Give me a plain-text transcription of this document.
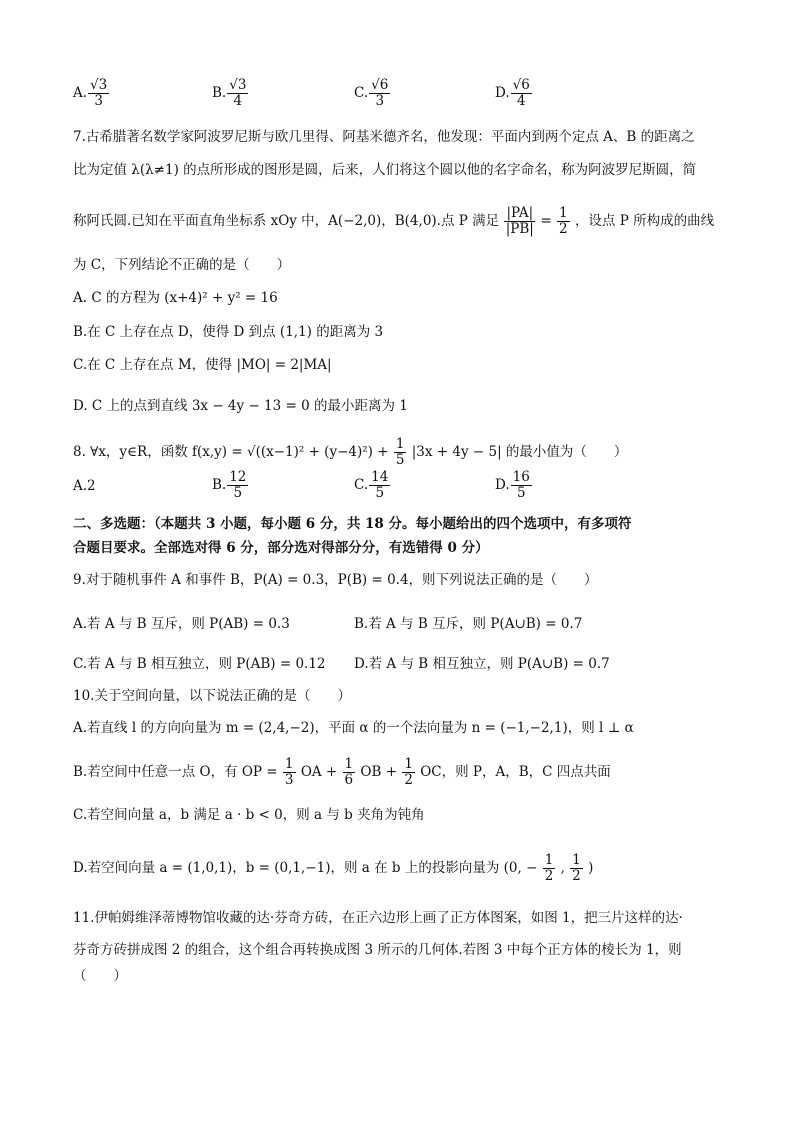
A. $\frac{√3}{3}$	B. $\frac{√3}{4}$	C. $\frac{√6}{3}$	D. $\frac{√6}{4}$
7.古希腊著名数学家阿波罗尼斯与欧几里得、阿基米德齐名，他发现：平面内到两个定点 A、B 的距离之
比为定值 λ(λ≠1) 的点所形成的图形是圆，后来，人们将这个圆以他的名字命名，称为阿波罗尼斯圆，简
称阿氏圆.已知在平面直角坐标系 xOy 中，A(−2,0)，B(4,0).点 P 满足 $\frac{|PA|}{|PB|} = \frac{1}{2}$ ，设点 P 所构成的曲线
为 C，下列结论不正确的是（　　）
A. C 的方程为 (x+4)² + y² = 16
B.在 C 上存在点 D，使得 D 到点 (1,1) 的距离为 3
C.在 C 上存在点 M，使得 |MO| = 2|MA|
D. C 上的点到直线 3x − 4y − 13 = 0 的最小距离为 1
8. ∀x，y∈R，函数 $f(x,y) = √((x-1)^2 + (y-4)^2) + \frac{1}{5} |3x + 4y - 5|$ 的最小值为（　　）
A.2	B. $\frac{12}{5}$	C. $\frac{14}{5}$	D. $\frac{16}{5}$
二、多选题：（本题共 3 小题，每小题 6 分，共 18 分。每小题给出的四个选项中，有多项符
合题目要求。全部选对得 6 分，部分选对得部分分，有选错得 0 分）
9.对于随机事件 A 和事件 B，P(A) = 0.3，P(B) = 0.4，则下列说法正确的是（　　）
A.若 A 与 B 互斥，则 P(AB) = 0.3	B.若 A 与 B 互斥，则 P(A∪B) = 0.7
C.若 A 与 B 相互独立，则 P(AB) = 0.12 D.若 A 与 B 相互独立，则 P(A∪B) = 0.7
10.关于空间向量，以下说法正确的是（　　）
A.若直线 l 的方向向量为 m = (2,4,−2)，平面 α 的一个法向量为 n = (−1,−2,1)，则 l ⊥ α
B.若空间中任意一点 O，有 OP = $\frac{1}{3}$ OA + $\frac{1}{6}$ OB + $\frac{1}{2}$ OC，则 P，A，B，C 四点共面
C.若空间向量 a，b 满足 a · b < 0，则 a 与 b 夹角为钝角
D.若空间向量 a = (1,0,1)，b = (0,1,−1)，则 a 在 b 上的投影向量为 (0, − $\frac{1}{2}$ , $\frac{1}{2}$ )
11.伊帕姆维泽蒂博物馆收藏的达·芬奇方砖，在正六边形上画了正方体图案，如图 1，把三片这样的达·
芬奇方砖拼成图 2 的组合，这个组合再转换成图 3 所示的几何体.若图 3 中每个正方体的棱长为 1，则
（　　）
